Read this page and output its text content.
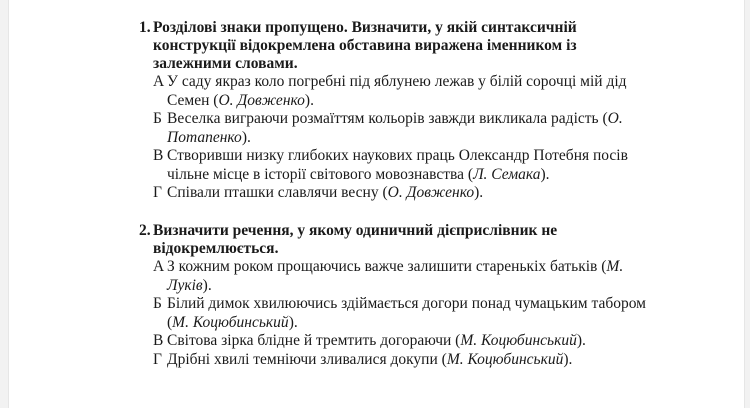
1. Розділові знаки пропущено. Визначити, у якій синтаксичній
конструкції відокремлена обставина виражена іменником із
залежними словами.

А У саду якраз коло погребні під яблунею лежав у білій сорочці мій дід
Семен (О. Довженко).

Б Веселка виграючи розмаїттям кольорів завжди викликала радість (О.
Потапенко).

В Створивши низку глибоких наукових праць Олександр Потебня посів
чільне місце в історії світового мовознавства (Л. Семака).

Г Співали пташки славлячи весну (О. Довженко).

2. Визначити речення, у якому одиничний дієприслівник не
відокремлюється.

А З кожним роком прощаючись важче залишити старенькіх батьків (М.
Луків).

Б Білий димок хвилюючись здіймається догори понад чумацьким табором
(М. Коцюбинський).

В Світова зірка блідне й тремтить догораючи (М. Коцюбинський).

Г Дрібні хвилі темніючи зливалися докупи (М. Коцюбинський).
